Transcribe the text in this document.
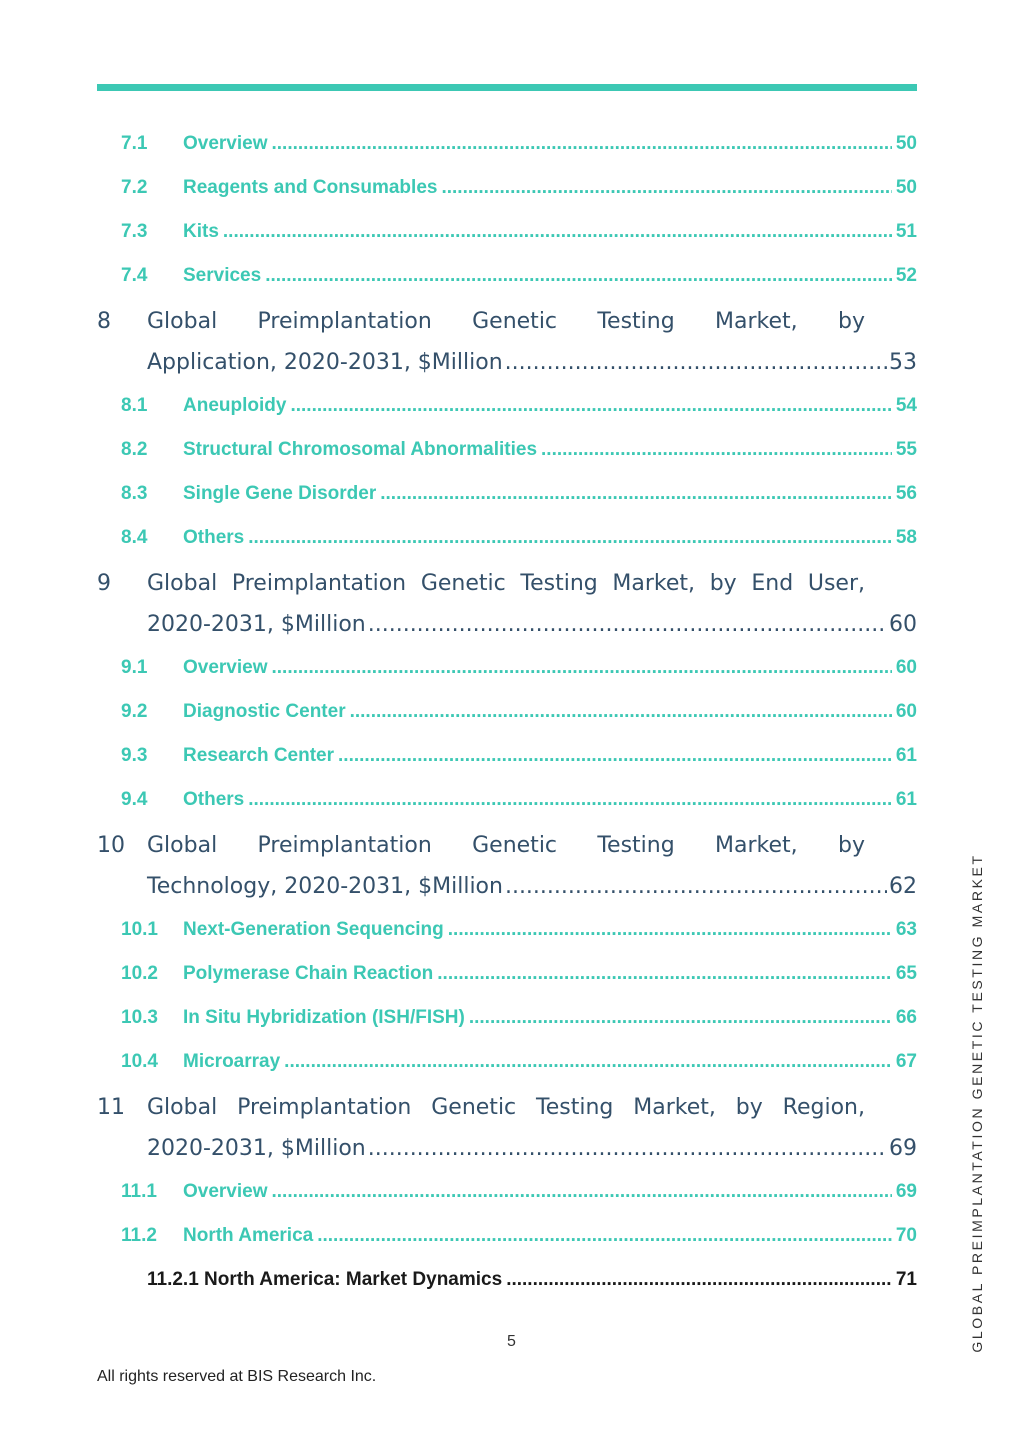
7.1	Overview .....	50
7.2	Reagents and Consumables .....	50
7.3	Kits .....	51
7.4	Services .....	52
8	Global Preimplantation Genetic Testing Market, by
Application, 2020-2031, $Million .....	53
8.1	Aneuploidy .....	54
8.2	Structural Chromosomal Abnormalities .....	55
8.3	Single Gene Disorder .....	56
8.4	Others .....	58
9	Global Preimplantation Genetic Testing Market, by End User,
2020-2031, $Million .....	60
9.1	Overview .....	60
9.2	Diagnostic Center .....	60
9.3	Research Center .....	61
9.4	Others .....	61
10	Global Preimplantation Genetic Testing Market, by
Technology, 2020-2031, $Million .....	62
10.1	Next-Generation Sequencing .....	63
10.2	Polymerase Chain Reaction .....	65
10.3	In Situ Hybridization (ISH/FISH) .....	66
10.4	Microarray .....	67
11	Global Preimplantation Genetic Testing Market, by Region,
2020-2031, $Million .....	69
11.1	Overview .....	69
11.2	North America .....	70
11.2.1 North America: Market Dynamics .....	71
5
All rights reserved at BIS Research Inc.
GLOBAL PREIMPLANTATION GENETIC TESTING MARKET
